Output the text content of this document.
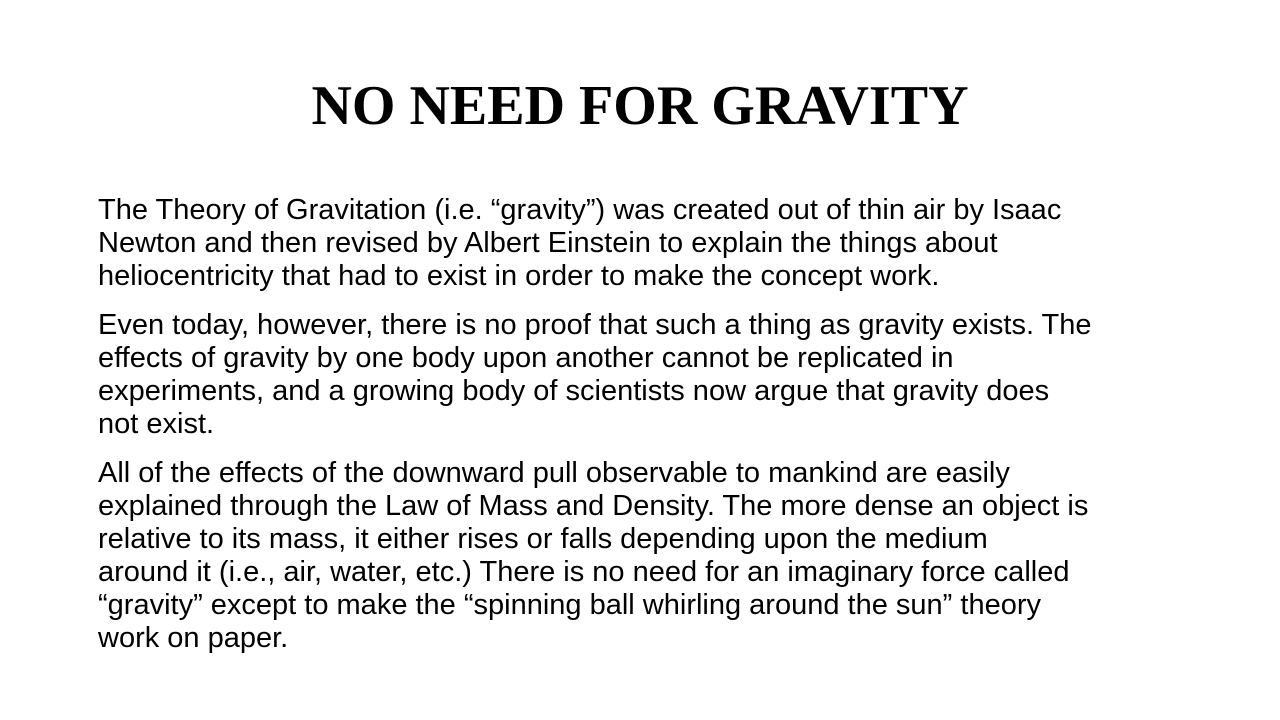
NO NEED FOR GRAVITY

The Theory of Gravitation (i.e. “gravity”) was created out of thin air by Isaac
Newton and then revised by Albert Einstein to explain the things about
heliocentricity that had to exist in order to make the concept work.

Even today, however, there is no proof that such a thing as gravity exists. The
effects of gravity by one body upon another cannot be replicated in
experiments, and a growing body of scientists now argue that gravity does
not exist.

All of the effects of the downward pull observable to mankind are easily
explained through the Law of Mass and Density. The more dense an object is
relative to its mass, it either rises or falls depending upon the medium
around it (i.e., air, water, etc.) There is no need for an imaginary force called
“gravity” except to make the “spinning ball whirling around the sun” theory
work on paper.
